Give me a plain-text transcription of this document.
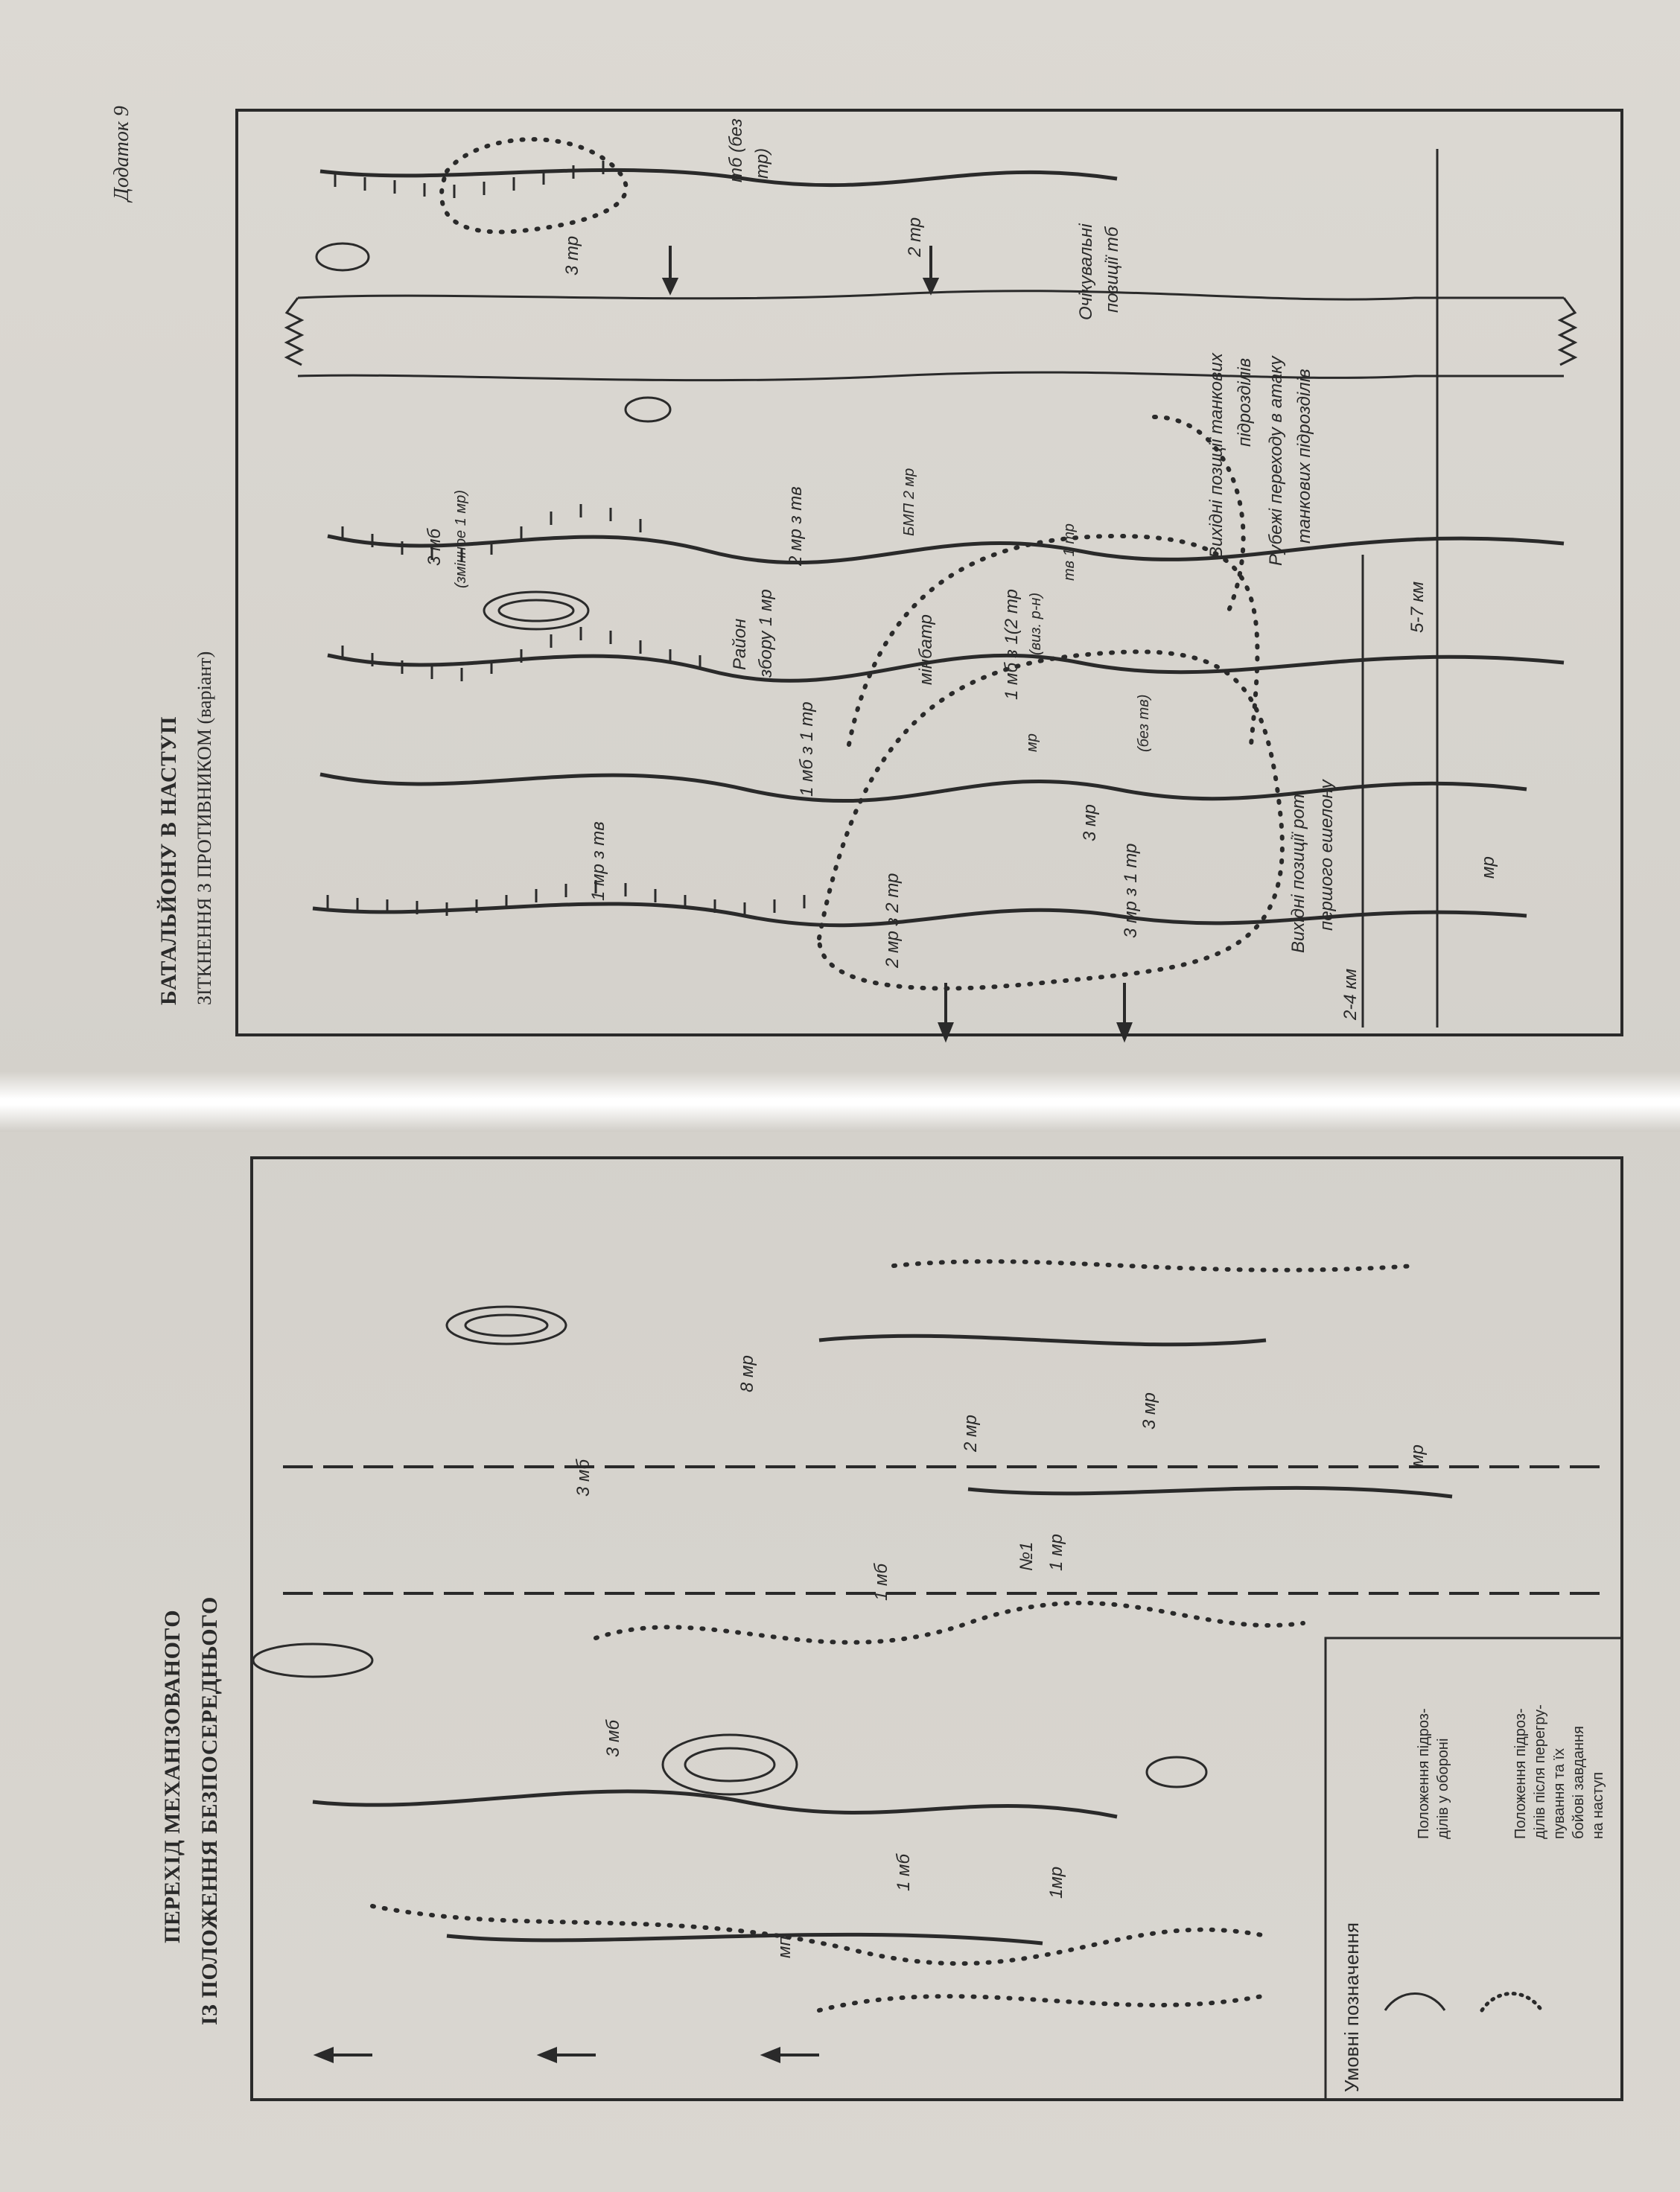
Додаток 9
БАТАЛЬЙОНУ В НАСТУП ЗІТКНЕННЯ З ПРОТИВНИКОМ (варіант)
3 мб (змінное 1 мр)
3 тр	2 тр
тб (без тр)
1 мр з тв
2 мр з тв
Район збору 1 мр
1 мб з 1 тр
мінбатр
БМП 2 мр
1 мб з 1(2 тр (виз. р-н)
тв 1 тр
мр
2 мр з 2 тр
3 мр
3 мр з 1 тр
(без тв)
Очікувальні позиції тб
Вихідні позиції танкових підрозділів Рубежі переходу в атаку танкових підрозділів
Вихідні позиції рот першого ешелону
2-4 км
5-7 км
мр
ПЕРЕХІД МЕХАНІЗОВАНОГО ІЗ ПОЛОЖЕННЯ БЕЗПОСЕРЕДНЬОГО
3 мб
3 мб
8 мр
2 мр
3 мр
мр
1 мб
1 мб
№1 1 мр
1мр
мп	Умовні позначення
Положення підроз- ділів у обороні	Положення підроз- ділів після перегру- пування та їх бойові завдання на наступ
